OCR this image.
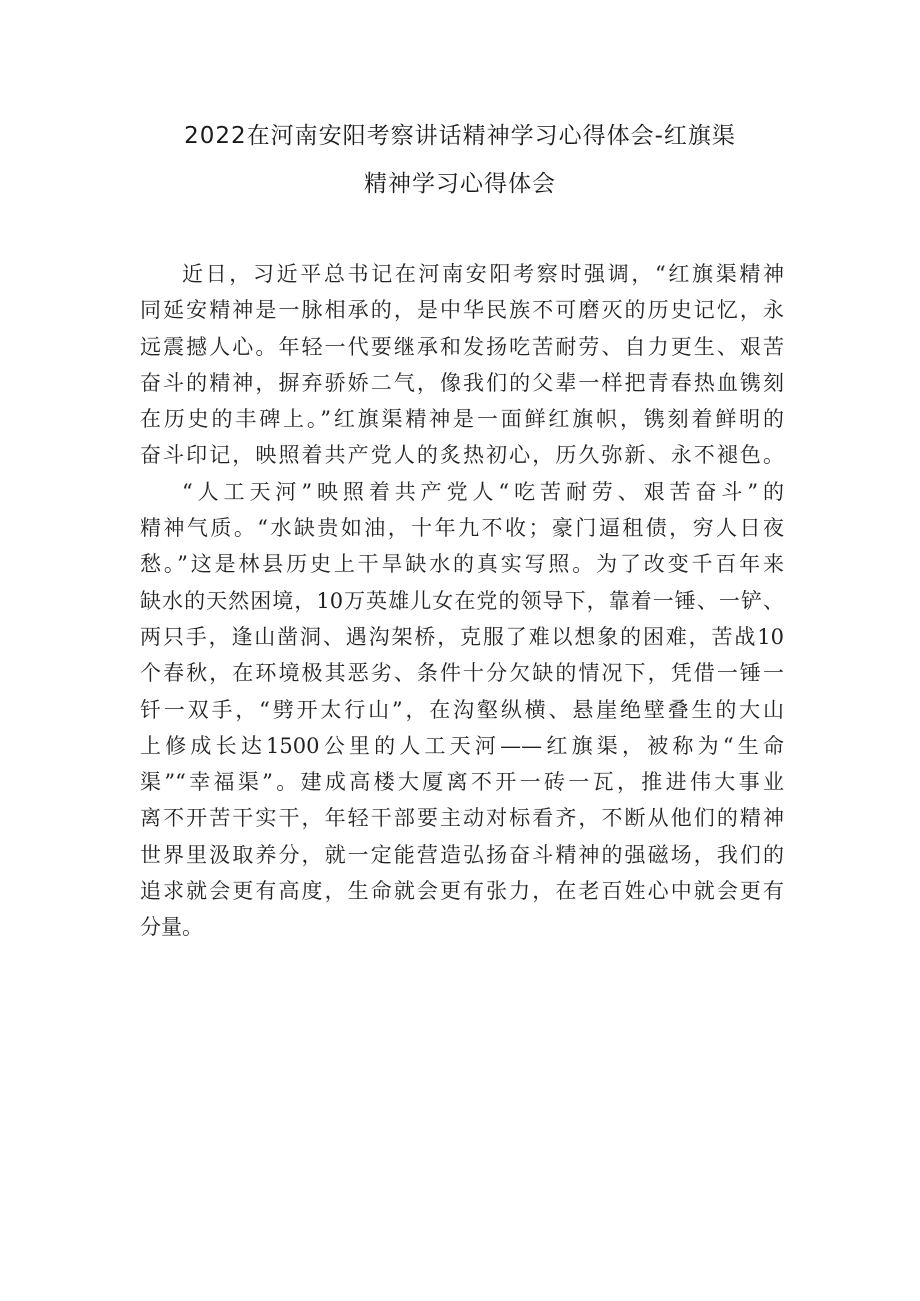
2022在河南安阳考察讲话精神学习心得体会-红旗渠
精神学习心得体会
近日，习近平总书记在河南安阳考察时强调，“红旗渠精神
同延安精神是一脉相承的，是中华民族不可磨灭的历史记忆，永
远震撼人心。年轻一代要继承和发扬吃苦耐劳、自力更生、艰苦
奋斗的精神，摒弃骄娇二气，像我们的父辈一样把青春热血镌刻
在历史的丰碑上。”红旗渠精神是一面鲜红旗帜，镌刻着鲜明的
奋斗印记，映照着共产党人的炙热初心，历久弥新、永不褪色。
“人工天河”映照着共产党人“吃苦耐劳、艰苦奋斗”的
精神气质。“水缺贵如油，十年九不收；豪门逼租债，穷人日夜
愁。”这是林县历史上干旱缺水的真实写照。为了改变千百年来
缺水的天然困境，10万英雄儿女在党的领导下，靠着一锤、一铲、
两只手，逢山凿洞、遇沟架桥，克服了难以想象的困难，苦战10
个春秋，在环境极其恶劣、条件十分欠缺的情况下，凭借一锤一
钎一双手，“劈开太行山”，在沟壑纵横、悬崖绝壁叠生的大山
上修成长达1500公里的人工天河——红旗渠，被称为“生命
渠”“幸福渠”。建成高楼大厦离不开一砖一瓦，推进伟大事业
离不开苦干实干，年轻干部要主动对标看齐，不断从他们的精神
世界里汲取养分，就一定能营造弘扬奋斗精神的强磁场，我们的
追求就会更有高度，生命就会更有张力，在老百姓心中就会更有
分量。
